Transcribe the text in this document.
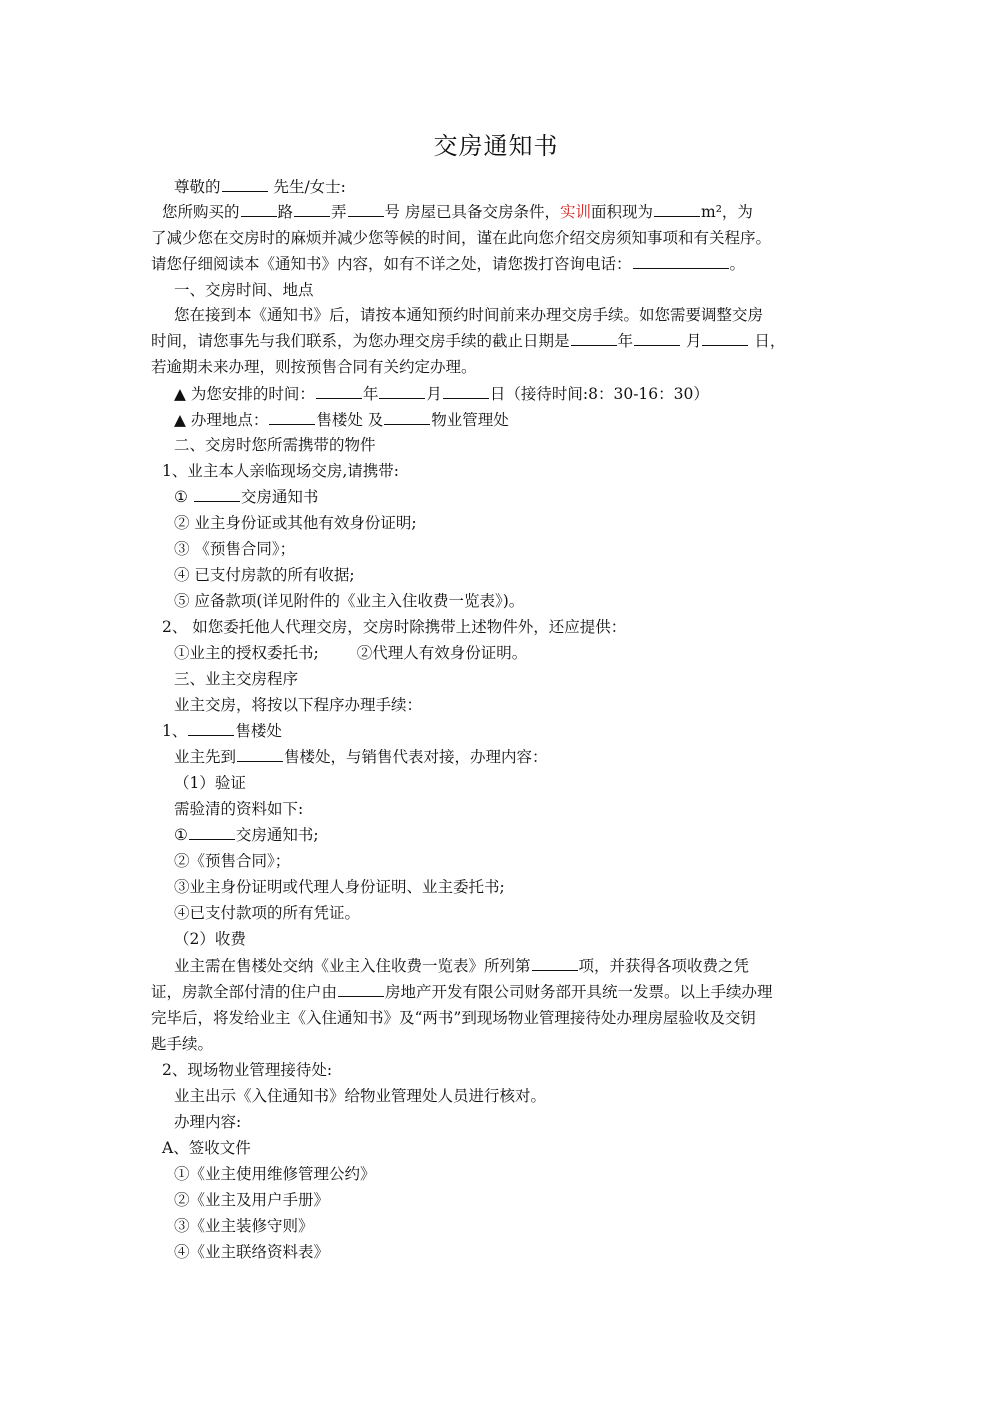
交房通知书
尊敬的	先生/女士:
您所购买的 路 弄 号 房屋已具备交房条件，实训面积现为	m²，为
了减少您在交房时的麻烦并减少您等候的时间，谨在此向您介绍交房须知事项和有关程序。
请您仔细阅读本《通知书》内容，如有不详之处，请您拨打咨询电话：	。
一、交房时间、地点
您在接到本《通知书》后，请按本通知预约时间前来办理交房手续。如您需要调整交房
时间，请您事先与我们联系，为您办理交房手续的截止日期是	年	月	日，
若逾期未来办理，则按预售合同有关约定办理。
▲ 为您安排的时间：	年	月	日（接待时间:8：30-16：30）
▲ 办理地点：	售楼处 及	物业管理处
二、交房时您所需携带的物件
1、业主本人亲临现场交房,请携带:
①	交房通知书
② 业主身份证或其他有效身份证明;
③ 《预售合同》；
④ 已支付房款的所有收据;
⑤ 应备款项(详见附件的《业主入住收费一览表》)。
2、 如您委托他人代理交房，交房时除携带上述物件外，还应提供：
①业主的授权委托书; ②代理人有效身份证明。
三、业主交房程序
业主交房，将按以下程序办理手续：
1、	售楼处
业主先到	售楼处，与销售代表对接，办理内容：
（1）验证
需验清的资料如下:
①	交房通知书;
②《预售合同》；
③业主身份证明或代理人身份证明、业主委托书;
④已支付款项的所有凭证。
（2）收费
业主需在售楼处交纳《业主入住收费一览表》所列第	项，并获得各项收费之凭
证，房款全部付清的住户由	房地产开发有限公司财务部开具统一发票。以上手续办理
完毕后，将发给业主《入住通知书》及“两书”到现场物业管理接待处办理房屋验收及交钥
匙手续。
2、现场物业管理接待处:
业主出示《入住通知书》给物业管理处人员进行核对。
办理内容:
A、签收文件
①《业主使用维修管理公约》
②《业主及用户手册》
③《业主装修守则》
④《业主联络资料表》
